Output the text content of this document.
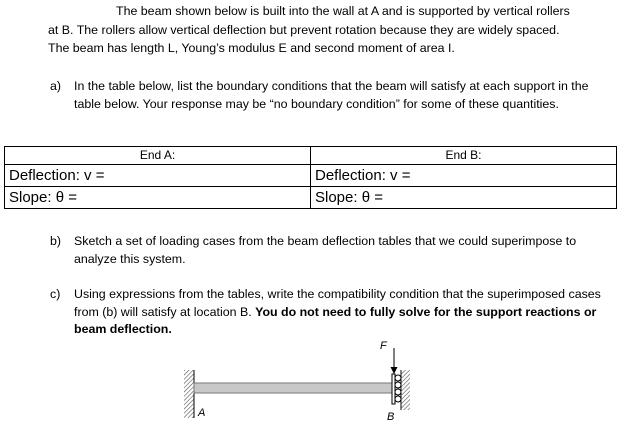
The beam shown below is built into the wall at A and is supported by vertical rollers
at B. The rollers allow vertical deflection but prevent rotation because they are widely spaced.
The beam has length L, Young’s modulus E and second moment of area I.
a) In the table below, list the boundary conditions that the beam will satisfy at each support in the table below. Your response may be “no boundary condition” for some of these quantities.
End A:	End B:
Deflection: v =	Deflection: v =
Slope: θ =	Slope: θ =
b) Sketch a set of loading cases from the beam deflection tables that we could superimpose to analyze this system.
c) Using expressions from the tables, write the compatibility condition that the superimposed cases from (b) will satisfy at location B. You do not need to fully solve for the support reactions or beam deflection.
F
A	B
